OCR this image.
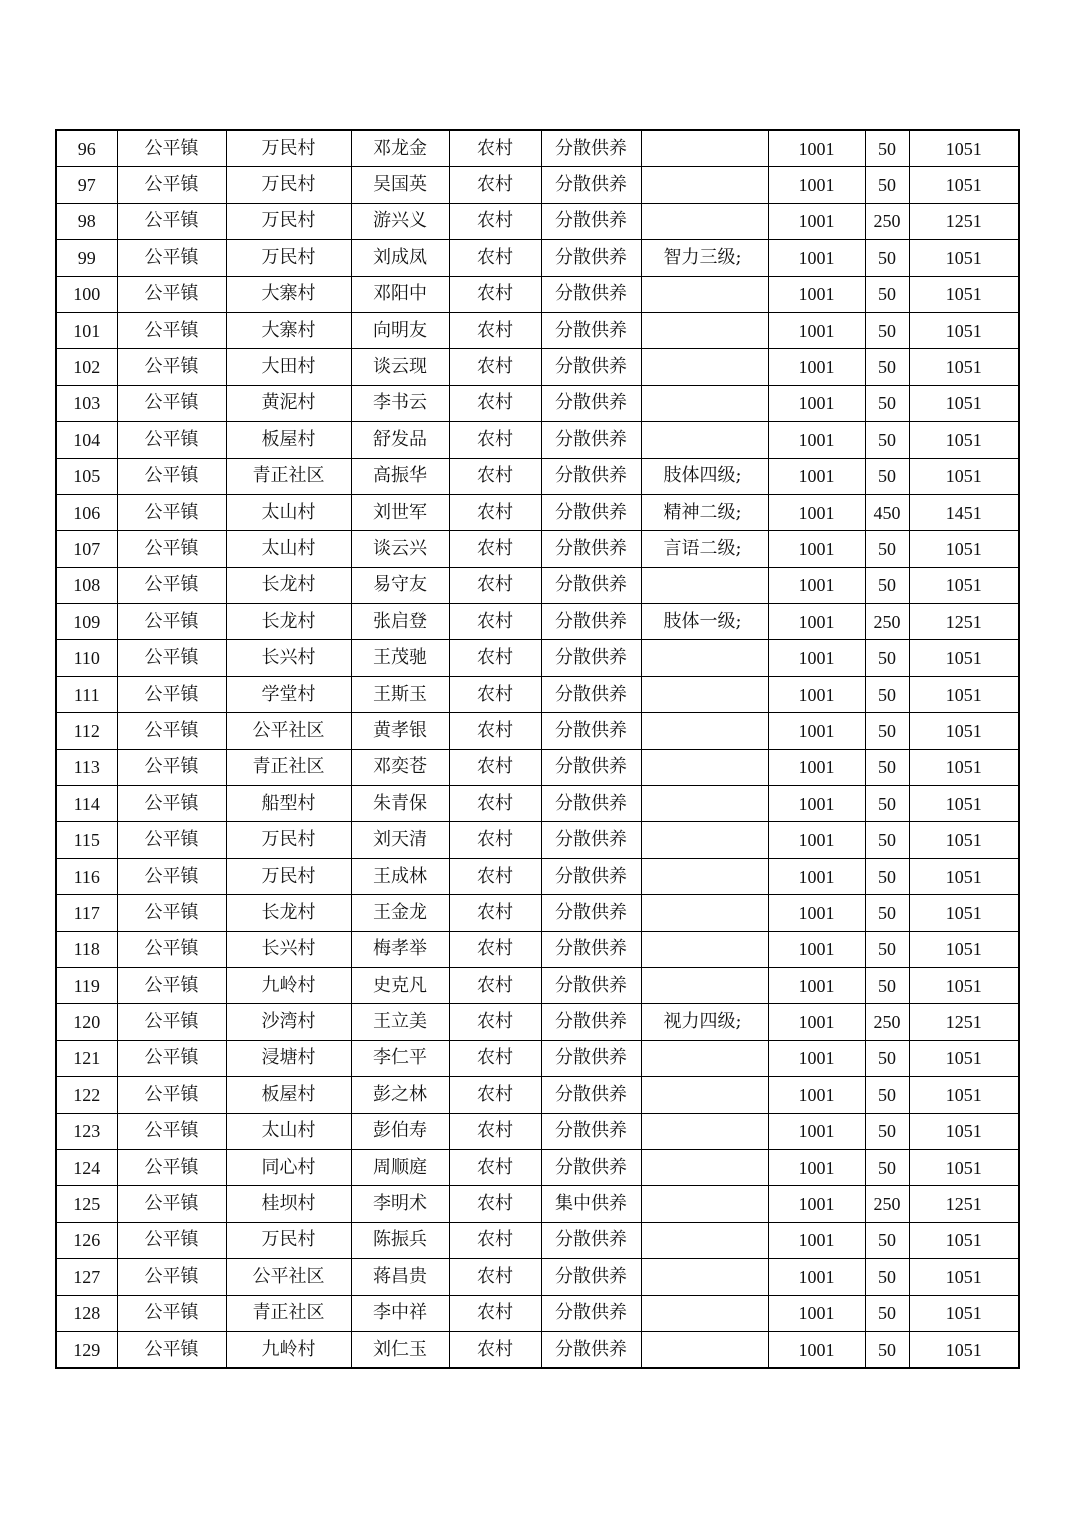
96	公平镇	万民村	邓龙金	农村	分散供养		1001	50	1051
97	公平镇	万民村	吴国英	农村	分散供养		1001	50	1051
98	公平镇	万民村	游兴义	农村	分散供养		1001	250	1251
99	公平镇	万民村	刘成凤	农村	分散供养	智力三级;	1001	50	1051
100	公平镇	大寨村	邓阳中	农村	分散供养		1001	50	1051
101	公平镇	大寨村	向明友	农村	分散供养		1001	50	1051
102	公平镇	大田村	谈云现	农村	分散供养		1001	50	1051
103	公平镇	黄泥村	李书云	农村	分散供养		1001	50	1051
104	公平镇	板屋村	舒发品	农村	分散供养		1001	50	1051
105	公平镇	青正社区	高振华	农村	分散供养	肢体四级;	1001	50	1051
106	公平镇	太山村	刘世军	农村	分散供养	精神二级;	1001	450	1451
107	公平镇	太山村	谈云兴	农村	分散供养	言语二级;	1001	50	1051
108	公平镇	长龙村	易守友	农村	分散供养		1001	50	1051
109	公平镇	长龙村	张启登	农村	分散供养	肢体一级;	1001	250	1251
110	公平镇	长兴村	王茂驰	农村	分散供养		1001	50	1051
111	公平镇	学堂村	王斯玉	农村	分散供养		1001	50	1051
112	公平镇	公平社区	黄孝银	农村	分散供养		1001	50	1051
113	公平镇	青正社区	邓奕苍	农村	分散供养		1001	50	1051
114	公平镇	船型村	朱青保	农村	分散供养		1001	50	1051
115	公平镇	万民村	刘天清	农村	分散供养		1001	50	1051
116	公平镇	万民村	王成林	农村	分散供养		1001	50	1051
117	公平镇	长龙村	王金龙	农村	分散供养		1001	50	1051
118	公平镇	长兴村	梅孝举	农村	分散供养		1001	50	1051
119	公平镇	九岭村	史克凡	农村	分散供养		1001	50	1051
120	公平镇	沙湾村	王立美	农村	分散供养	视力四级;	1001	250	1251
121	公平镇	浸塘村	李仁平	农村	分散供养		1001	50	1051
122	公平镇	板屋村	彭之林	农村	分散供养		1001	50	1051
123	公平镇	太山村	彭伯寿	农村	分散供养		1001	50	1051
124	公平镇	同心村	周顺庭	农村	分散供养		1001	50	1051
125	公平镇	桂坝村	李明术	农村	集中供养		1001	250	1251
126	公平镇	万民村	陈振兵	农村	分散供养		1001	50	1051
127	公平镇	公平社区	蒋昌贵	农村	分散供养		1001	50	1051
128	公平镇	青正社区	李中祥	农村	分散供养		1001	50	1051
129	公平镇	九岭村	刘仁玉	农村	分散供养		1001	50	1051
